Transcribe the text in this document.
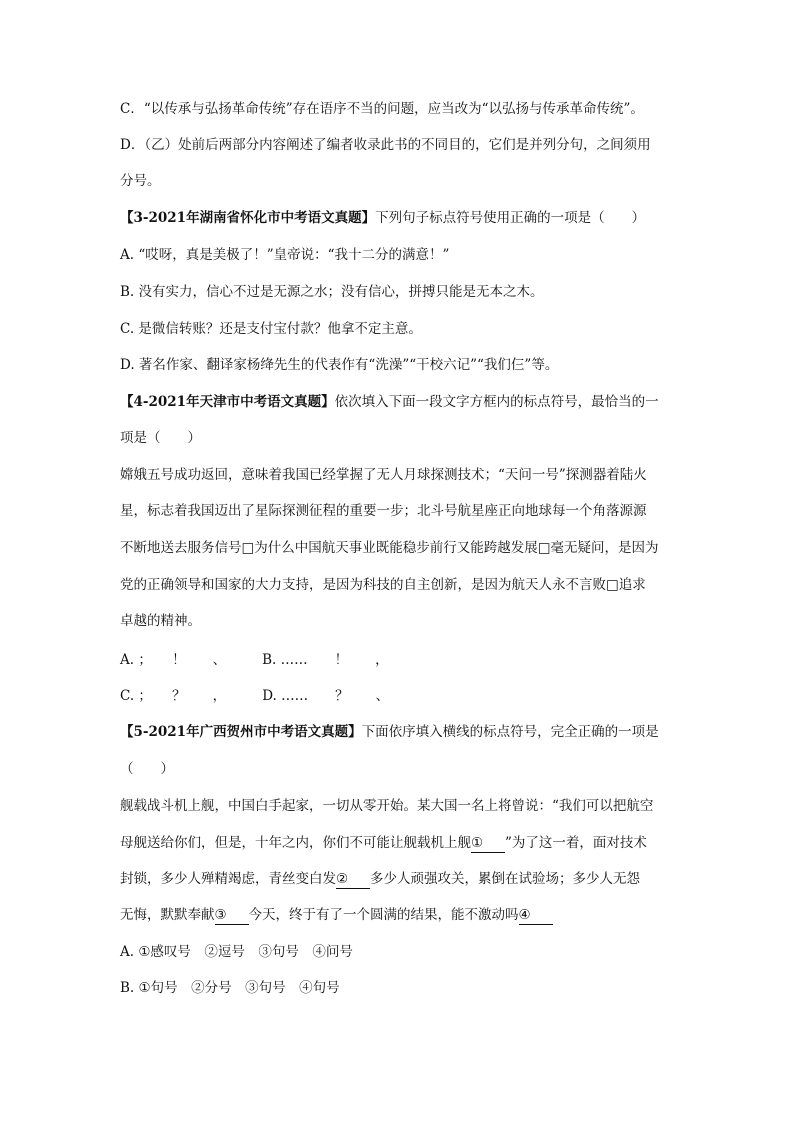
C．“以传承与弘扬革命传统”存在语序不当的问题，应当改为“以弘扬与传承革命传统”。
D．（乙）处前后两部分内容阐述了编者收录此书的不同目的，它们是并列分句，之间须用
分号。
【3-2021年湖南省怀化市中考语文真题】下列句子标点符号使用正确的一项是（　　）
A. “哎呀，真是美极了！”皇帝说：“我十二分的满意！”
B. 没有实力，信心不过是无源之水；没有信心，拼搏只能是无本之木。
C. 是微信转账？还是支付宝付款？他拿不定主意。
D. 著名作家、翻译家杨绛先生的代表作有“洗澡”“干校六记”“我们仨”等。
【4-2021年天津市中考语文真题】依次填入下面一段文字方框内的标点符号，最恰当的一
项是（　　）
嫦娥五号成功返回，意味着我国已经掌握了无人月球探测技术；“天问一号”探测器着陆火
星，标志着我国迈出了星际探测征程的重要一步；北斗号航星座正向地球每一个角落源源
不断地送去服务信号□为什么中国航天事业既能稳步前行又能跨越发展□毫无疑问，是因为
党的正确领导和国家的大力支持，是因为科技的自主创新，是因为航天人永不言败□追求
卓越的精神。
A. ；　　！　　、	B. ……　　！　　，
C. ；　　？　　，	D. ……　　？　　、
【5-2021年广西贺州市中考语文真题】下面依序填入横线的标点符号，完全正确的一项是
（　　）
舰载战斗机上舰，中国白手起家，一切从零开始。某大国一名上将曾说：“我们可以把航空
母舰送给你们，但是，十年之内，你们不可能让舰载机上舰① ”为了这一着，面对技术
封锁，多少人殚精竭虑，青丝变白发② 多少人顽强攻关，累倒在试验场；多少人无怨
无悔，默默奉献③ 今天，终于有了一个圆满的结果，能不激动吗④
A. ①感叹号　②逗号　③句号　④问号
B. ①句号　②分号　③句号　④句号
